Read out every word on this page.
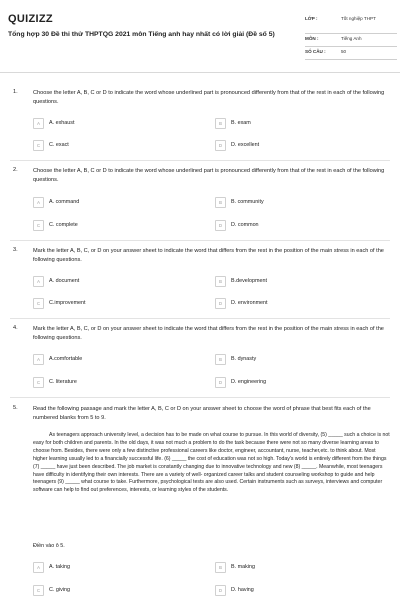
QUIZIZZ
Tổng hợp 30 Đề thi thử THPTQG 2021 môn Tiếng anh hay nhất có lời giải (Đề số 5)
LỚP :	Tốt nghiệp THPT
MÔN :	Tiếng Anh
SỐ CÂU :	50
1.	Choose the letter A, B, C or D to indicate the word whose underlined part is pronounced differently from that of the rest in each of the following questions.
A	A. exhaust	B	B. exam
C	C. exact	D	D. excellent
2.	Choose the letter A, B, C or D to indicate the word whose underlined part is pronounced differently from that of the rest in each of the following questions.
A	A. command	B	B. community
C	C. complete	D	D. common
3.	Mark the letter A, B, C, or D on your answer sheet to indicate the word that differs from the rest in the position of the main stress in each of the following questions.
A	A. document	B	B.development
C	C.improvement	D	D. environment
4.	Mark the letter A, B, C, or D on your answer sheet to indicate the word that differs from the rest in the position of the main stress in each of the following questions.
A	A.comfortable	B	B. dynasty
C	C. literature	D	D. engineering
5.	Read the following passage and mark the letter A, B, C or D on your answer sheet to choose the word of phrase that best fits each of the numbered blanks from 5 to 9.
As teenagers approach university level, a decision has to be made on what course to pursue. In this world of diversity, (5) _____ such a choice is not easy for both children and parents. In the old days, it was not much a problem to do the task because there were not so many diverse learning areas to choose from. Besides, there were only a few distinctive professional careers like doctor, engineer, accountant, nurse, teacher,etc. to think about. Most higher learning usually led to a financially successful life. (6) _____ the cost of education was not so high. Today's world is entirely different from the things (7) _____ have just been described. The job market is constantly changing due to innovative technology and new (8) _____. Meanwhile, most teenagers have difficulty in identifying their own interests. There are a variety of well- organized career talks and student counseling workshop to guide and help teenagers (9) _____ what course to take. Furthermore, psychological tests are also used. Certain instruments such as surveys, interviews and computer software can help to find out preferences, interests, or learning styles of the students.
Điền vào ô 5.
A	A. taking	B	B. making
C	C. giving	D	D. having
